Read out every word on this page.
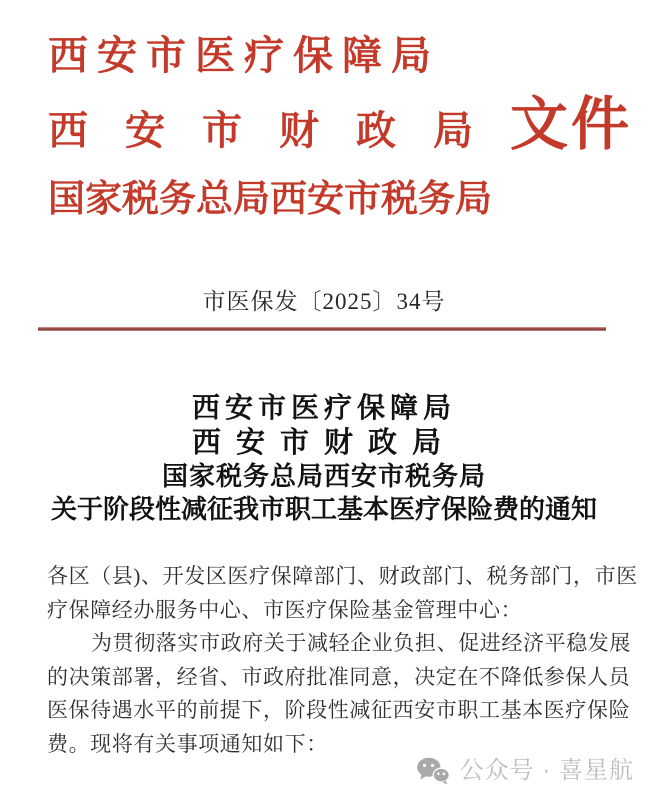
西安市医疗保障局
西安市财政局文件
国家税务总局西安市税务局
市医保发〔2025〕34号
西安市医疗保障局
西安市财政局
国家税务总局西安市税务局
关于阶段性减征我市职工基本医疗保险费的通知
各区（县)、开发区医疗保障部门、财政部门、税务部门，市医
疗保障经办服务中心、市医疗保险基金管理中心：
为贯彻落实市政府关于减轻企业负担、促进经济平稳发展
的决策部署，经省、市政府批准同意，决定在不降低参保人员
医保待遇水平的前提下，阶段性减征西安市职工基本医疗保险
费。现将有关事项通知如下：
公众号 · 喜星航
